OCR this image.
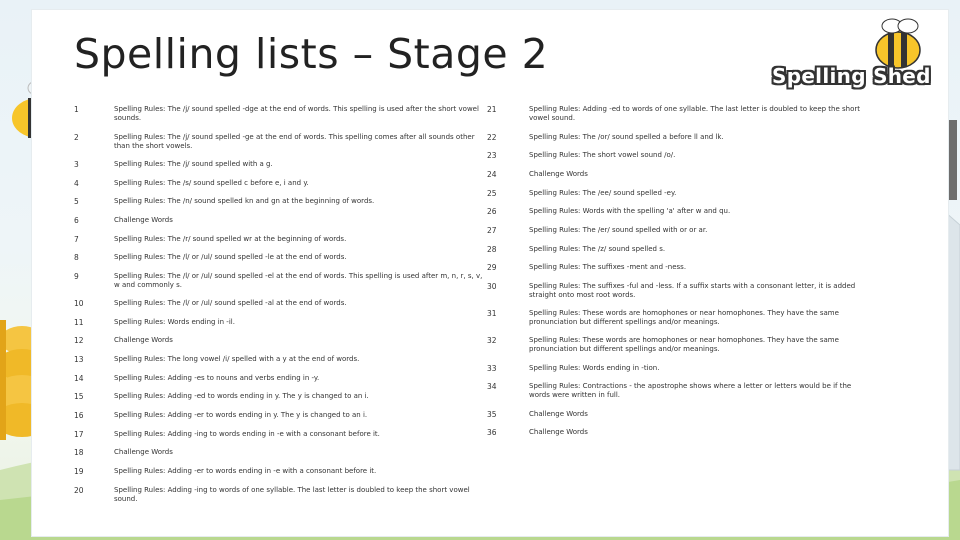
Spelling lists – Stage 2	Spelling Shed
1	Spelling Rules: The /j/ sound spelled -dge at the end of words. This spelling is used after the short vowel sounds.
2	Spelling Rules: The /j/ sound spelled -ge at the end of words. This spelling comes after all sounds other than the short vowels.
3	Spelling Rules: The /j/ sound spelled with a g.
4	Spelling Rules: The /s/ sound spelled c before e, i and y.
5	Spelling Rules: The /n/ sound spelled kn and gn at the beginning of words.
6	Challenge Words
7	Spelling Rules: The /r/ sound spelled wr at the beginning of words.
8	Spelling Rules: The /l/ or /ul/ sound spelled -le at the end of words.
9	Spelling Rules: The /l/ or /ul/ sound spelled -el at the end of words. This spelling is used after m, n, r, s, v, w and commonly s.
10	Spelling Rules: The /l/ or /ul/ sound spelled -al at the end of words.
11	Spelling Rules: Words ending in -il.
12	Challenge Words
13	Spelling Rules: The long vowel /i/ spelled with a y at the end of words.
14	Spelling Rules: Adding -es to nouns and verbs ending in -y.
15	Spelling Rules: Adding -ed to words ending in y. The y is changed to an i.
16	Spelling Rules: Adding -er to words ending in y. The y is changed to an i.
17	Spelling Rules: Adding -ing to words ending in -e with a consonant before it.
18	Challenge Words
19	Spelling Rules: Adding -er to words ending in -e with a consonant before it.
20	Spelling Rules: Adding -ing to words of one syllable. The last letter is doubled to keep the short vowel sound.
21	Spelling Rules: Adding -ed to words of one syllable. The last letter is doubled to keep the short vowel sound.
22	Spelling Rules: The /or/ sound spelled a before ll and lk.
23	Spelling Rules: The short vowel sound /o/.
24	Challenge Words
25	Spelling Rules: The /ee/ sound spelled -ey.
26	Spelling Rules: Words with the spelling 'a' after w and qu.
27	Spelling Rules: The /er/ sound spelled with or or ar.
28	Spelling Rules: The /z/ sound spelled s.
29	Spelling Rules: The suffixes -ment and -ness.
30	Spelling Rules: The suffixes -ful and -less. If a suffix starts with a consonant letter, it is added straight onto most root words.
31	Spelling Rules: These words are homophones or near homophones. They have the same pronunciation but different spellings and/or meanings.
32	Spelling Rules: These words are homophones or near homophones. They have the same pronunciation but different spellings and/or meanings.
33	Spelling Rules: Words ending in -tion.
34	Spelling Rules: Contractions - the apostrophe shows where a letter or letters would be if the words were written in full.
35	Challenge Words
36	Challenge Words
